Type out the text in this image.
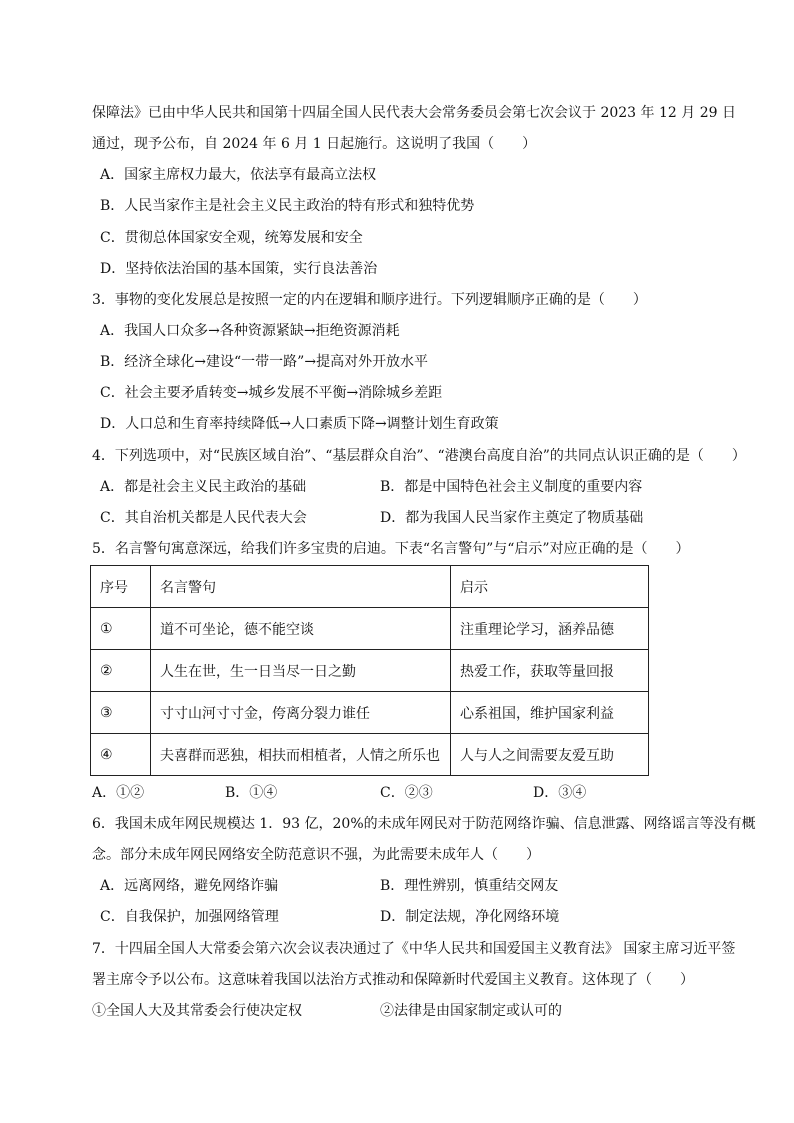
保障法》已由中华人民共和国第十四届全国人民代表大会常务委员会第七次会议于 2023 年 12 月 29 日
通过，现予公布，自 2024 年 6 月 1 日起施行。这说明了我国（　　）
A．国家主席权力最大，依法享有最高立法权
B．人民当家作主是社会主义民主政治的特有形式和独特优势
C．贯彻总体国家安全观，统筹发展和安全
D．坚持依法治国的基本国策，实行良法善治
3．事物的变化发展总是按照一定的内在逻辑和顺序进行。下列逻辑顺序正确的是（　　）
A．我国人口众多→各种资源紧缺→拒绝资源消耗
B．经济全球化→建设“一带一路”→提高对外开放水平
C．社会主要矛盾转变→城乡发展不平衡→消除城乡差距
D．人口总和生育率持续降低→人口素质下降→调整计划生育政策
4．下列选项中，对“民族区域自治”、“基层群众自治”、“港澳台高度自治”的共同点认识正确的是（　　）
A．都是社会主义民主政治的基础	B．都是中国特色社会主义制度的重要内容
C．其自治机关都是人民代表大会	D．都为我国人民当家作主奠定了物质基础
5．名言警句寓意深远，给我们许多宝贵的启迪。下表“名言警句”与“启示”对应正确的是（　　）
序号	名言警句	启示
①	道不可坐论，德不能空谈	注重理论学习，涵养品德
②	人生在世，生一日当尽一日之勤	热爱工作，获取等量回报
③	寸寸山河寸寸金，侉离分裂力谁任	心系祖国，维护国家利益
④	夫喜群而恶独，相扶而相植者，人情之所乐也	人与人之间需要友爱互助
A．①②	B．①④	C．②③	D．③④
6．我国未成年网民规模达 1．93 亿，20%的未成年网民对于防范网络诈骗、信息泄露、网络谣言等没有概
念。部分未成年网民网络安全防范意识不强，为此需要未成年人（　　）
A．远离网络，避免网络诈骗	B．理性辨别，慎重结交网友
C．自我保护，加强网络管理	D．制定法规，净化网络环境
7．十四届全国人大常委会第六次会议表决通过了《中华人民共和国爱国主义教育法》 国家主席习近平签
署主席令予以公布。这意味着我国以法治方式推动和保障新时代爱国主义教育。这体现了（　　）
①全国人大及其常委会行使决定权	②法律是由国家制定或认可的
